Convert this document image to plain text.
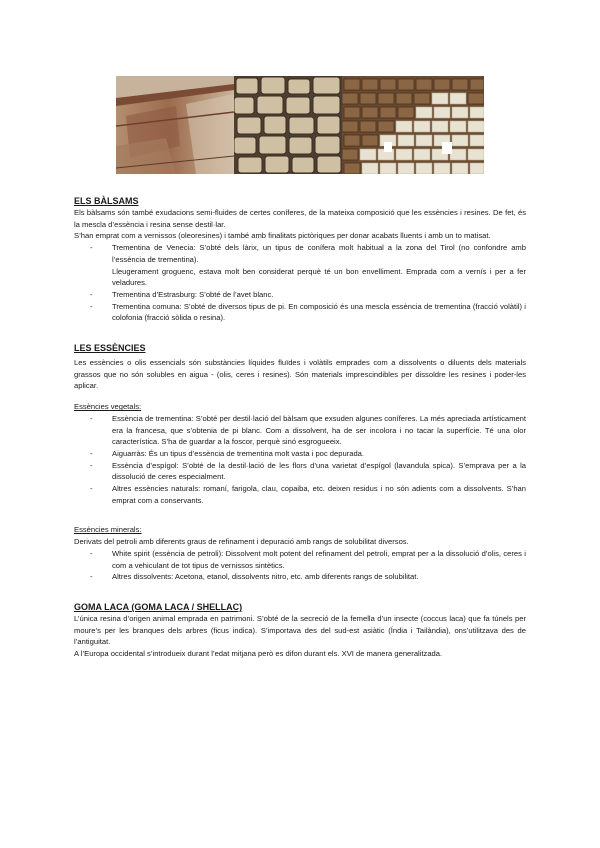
ELS BÀLSAMS

Els bàlsams són també exudacions semi-fluides de certes coníferes, de la mateixa composició que les essències i resines. De fet, és la mescla d’essència i resina sense destil·lar.

S’han emprat com a vernissos (oleoresines) i també amb finalitats pictòriques per donar acabats lluents i amb un to matisat.

- Trementina de Venecia: S’obté dels làrix, un tipus de conífera molt habitual a la zona del Tirol (no confondre amb l’essència de trementina).
Lleugerament groguenc, estava molt ben considerat perquè té un bon envelliment. Emprada com a vernís i per a fer veladures.
- Trementina d’Estrasburg: S’obté de l’avet blanc.
- Trementina comuna: S’obté de diversos tipus de pi. En composició és una mescla essència de trementina (fracció volàtil) i colofonia (fracció sòlida o resina).
LES ESSÈNCIES

Les essències o olis essencials són substàncies líquides fluïdes i volàtils emprades com a dissolvents o diluents dels materials grassos que no són solubles en aigua - (olis, ceres i resines). Són materials imprescindibles per dissoldre les resines i poder-les aplicar.

Essències vegetals:

- Essència de trementina: S’obté per destil·lació del bàlsam que exsuden algunes coníferes. La més apreciada artísticament era la francesa, que s’obtenia de pi blanc. Com a dissolvent, ha de ser incolora i no tacar la superfície. Té una olor característica. S’ha de guardar a la foscor, perquè sinó esgrogueeix.
- Aiguarràs: És un tipus d’essència de trementina molt vasta i poc depurada.
- Essència d’espígol: S’obté de la destil·lació de les flors d’una varietat d’espígol (lavandula spica). S’emprava per a la dissolució de ceres especialment.
- Altres essències naturals: romaní, farigola, clau, copaiba, etc. deixen residus i no són adients com a dissolvents. S’han emprat com a conservants.

Essències minerals:

Derivats del petroli amb diferents graus de refinament i depuració amb rangs de solubilitat diversos.

- White spirit (essència de petroli): Dissolvent molt potent del refinament del petroli, emprat per a la dissolució d’olis, ceres i com a vehiculant de tot tipus de vernissos sintètics.
- Altres dissolvents: Acetona, etanol, dissolvents nitro, etc. amb diferents rangs de solubilitat.
GOMA LACA (GOMA LACA / SHELLAC)

L’única resina d’origen animal emprada en patrimoni. S’obté de la secreció de la femella d’un insecte (coccus laca) que fa túnels per moure’s per les branques dels arbres (ficus indica). S’importava des del sud-est asiàtic (Índia i Tailàndia), ons’utilitzava des de l’antiguitat.

A l’Europa occidental s’introdueix durant l’edat mitjana però es difon durant els. XVI de manera generalitzada.
